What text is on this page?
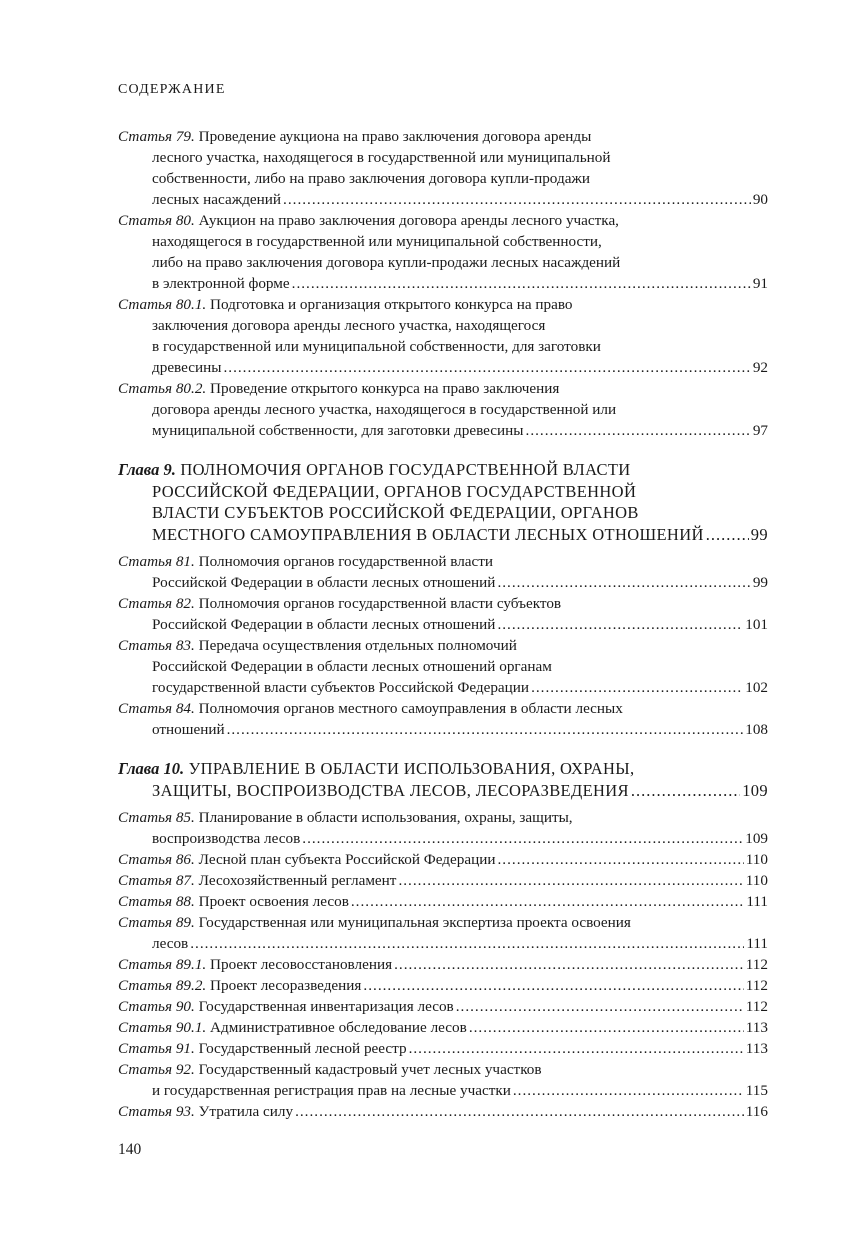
СОДЕРЖАНИЕ
Статья 79. Проведение аукциона на право заключения договора аренды
лесного участка, находящегося в государственной или муниципальной
собственности, либо на право заключения договора купли-продажи
лесных насаждений .....	90
Статья 80. Аукцион на право заключения договора аренды лесного участка,
находящегося в государственной или муниципальной собственности,
либо на право заключения договора купли-продажи лесных насаждений
в электронной форме .....	91
Статья 80.1. Подготовка и организация открытого конкурса на право
заключения договора аренды лесного участка, находящегося
в государственной или муниципальной собственности, для заготовки
древесины .....	92
Статья 80.2. Проведение открытого конкурса на право заключения
договора аренды лесного участка, находящегося в государственной или
муниципальной собственности, для заготовки древесины .....	97
Глава 9. ПОЛНОМОЧИЯ ОРГАНОВ ГОСУДАРСТВЕННОЙ ВЛАСТИ
РОССИЙСКОЙ ФЕДЕРАЦИИ, ОРГАНОВ ГОСУДАРСТВЕННОЙ
ВЛАСТИ СУБЪЕКТОВ РОССИЙСКОЙ ФЕДЕРАЦИИ, ОРГАНОВ
МЕСТНОГО САМОУПРАВЛЕНИЯ В ОБЛАСТИ ЛЕСНЫХ ОТНОШЕНИЙ .....	99
Статья 81. Полномочия органов государственной власти
Российской Федерации в области лесных отношений .....	99
Статья 82. Полномочия органов государственной власти субъектов
Российской Федерации в области лесных отношений .....	101
Статья 83. Передача осуществления отдельных полномочий
Российской Федерации в области лесных отношений органам
государственной власти субъектов Российской Федерации .....	102
Статья 84. Полномочия органов местного самоуправления в области лесных
отношений .....	108
Глава 10. УПРАВЛЕНИЕ В ОБЛАСТИ ИСПОЛЬЗОВАНИЯ, ОХРАНЫ,
ЗАЩИТЫ, ВОСПРОИЗВОДСТВА ЛЕСОВ, ЛЕСОРАЗВЕДЕНИЯ .....	109
Статья 85. Планирование в области использования, охраны, защиты,
воспроизводства лесов .....	109
Статья 86. Лесной план субъекта Российской Федерации .....	110
Статья 87. Лесохозяйственный регламент .....	110
Статья 88. Проект освоения лесов .....	111
Статья 89. Государственная или муниципальная экспертиза проекта освоения
лесов .....	111
Статья 89.1. Проект лесовосстановления .....	112
Статья 89.2. Проект лесоразведения .....	112
Статья 90. Государственная инвентаризация лесов .....	112
Статья 90.1. Административное обследование лесов .....	113
Статья 91. Государственный лесной реестр .....	113
Статья 92. Государственный кадастровый учет лесных участков
и государственная регистрация прав на лесные участки .....	115
Статья 93. Утратила силу .....	116
140
